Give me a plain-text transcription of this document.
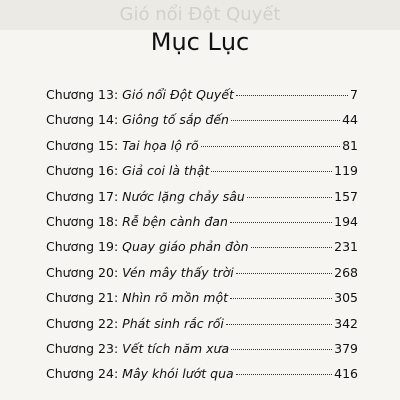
Gió nổi Đột Quyết
Mục Lục
Chương 13: Gió nổi Đột Quyết	7
Chương 14: Giông tố sắp đến	44
Chương 15: Tai họa lộ rõ	81
Chương 16: Giả coi là thật	119
Chương 17: Nước lặng chảy sâu	157
Chương 18: Rễ bện cành đan	194
Chương 19: Quay giáo phản đòn	231
Chương 20: Vén mây thấy trời	268
Chương 21: Nhìn rõ mồn một	305
Chương 22: Phát sinh rắc rối	342
Chương 23: Vết tích năm xưa	379
Chương 24: Mây khói lướt qua	416
